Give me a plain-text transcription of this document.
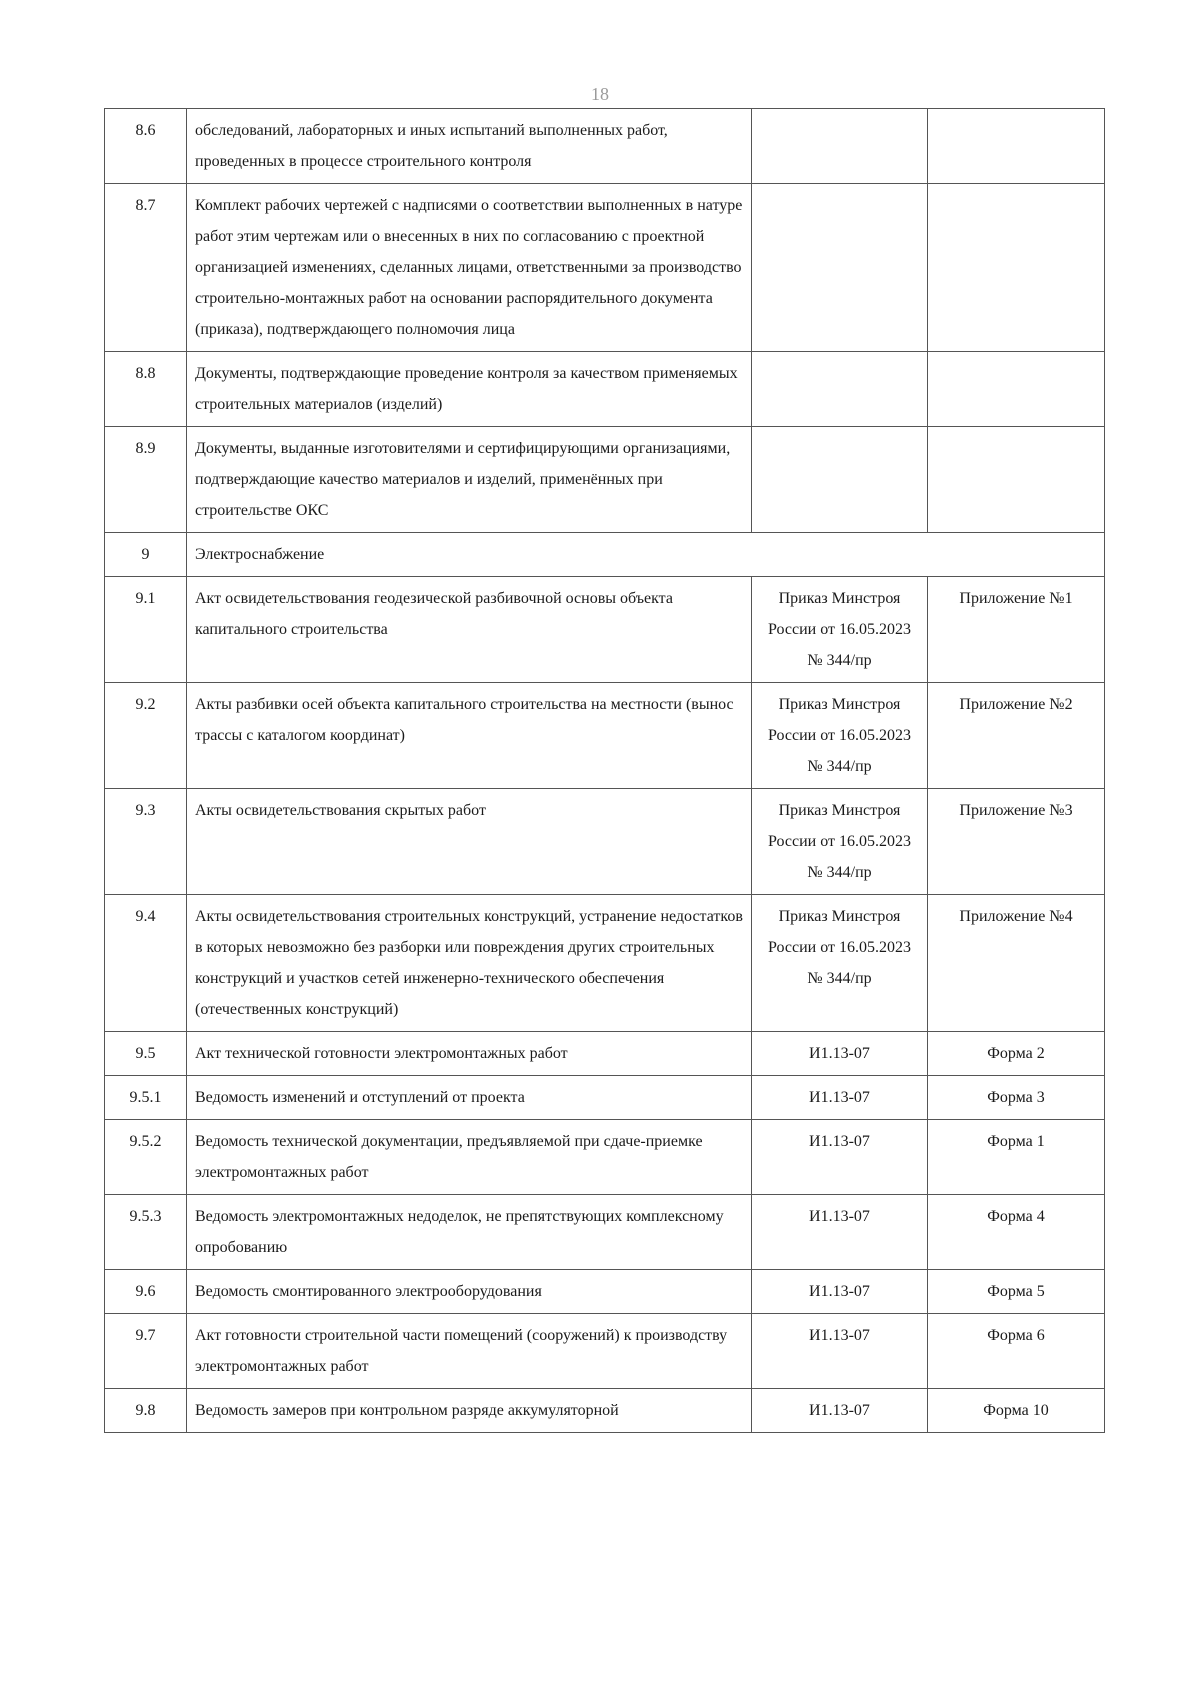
18
8.6	обследований, лабораторных и иных испытаний выполненных работ, проведенных в процессе строительного контроля		
8.7	Комплект рабочих чертежей с надписями о соответствии выполненных в натуре работ этим чертежам или о внесенных в них по согласованию с проектной организацией изменениях, сделанных лицами, ответственными за производство строительно-монтажных работ на основании распорядительного документа (приказа), подтверждающего полномочия лица		
8.8	Документы, подтверждающие проведение контроля за качеством применяемых строительных материалов (изделий)		
8.9	Документы, выданные изготовителями и сертифицирующими организациями, подтверждающие качество материалов и изделий, применённых при строительстве ОКС		
9	Электроснабжение		
9.1	Акт освидетельствования геодезической разбивочной основы объекта капитального строительства	Приказ Минстроя России от 16.05.2023 № 344/пр	Приложение №1
9.2	Акты разбивки осей объекта капитального строительства на местности (вынос трассы с каталогом координат)	Приказ Минстроя России от 16.05.2023 № 344/пр	Приложение №2
9.3	Акты освидетельствования скрытых работ	Приказ Минстроя России от 16.05.2023 № 344/пр	Приложение №3
9.4	Акты освидетельствования строительных конструкций, устранение недостатков в которых невозможно без разборки или повреждения других строительных конструкций и участков сетей инженерно-технического обеспечения (отечественных конструкций)	Приказ Минстроя России от 16.05.2023 № 344/пр	Приложение №4
9.5	Акт технической готовности электромонтажных работ	И1.13-07	Форма 2
9.5.1	Ведомость изменений и отступлений от проекта	И1.13-07	Форма 3
9.5.2	Ведомость технической документации, предъявляемой при сдаче-приемке электромонтажных работ	И1.13-07	Форма 1
9.5.3	Ведомость электромонтажных недоделок, не препятствующих комплексному опробованию	И1.13-07	Форма 4
9.6	Ведомость смонтированного электрооборудования	И1.13-07	Форма 5
9.7	Акт готовности строительной части помещений (сооружений) к производству электромонтажных работ	И1.13-07	Форма 6
9.8	Ведомость замеров при контрольном разряде аккумуляторной	И1.13-07	Форма 10
